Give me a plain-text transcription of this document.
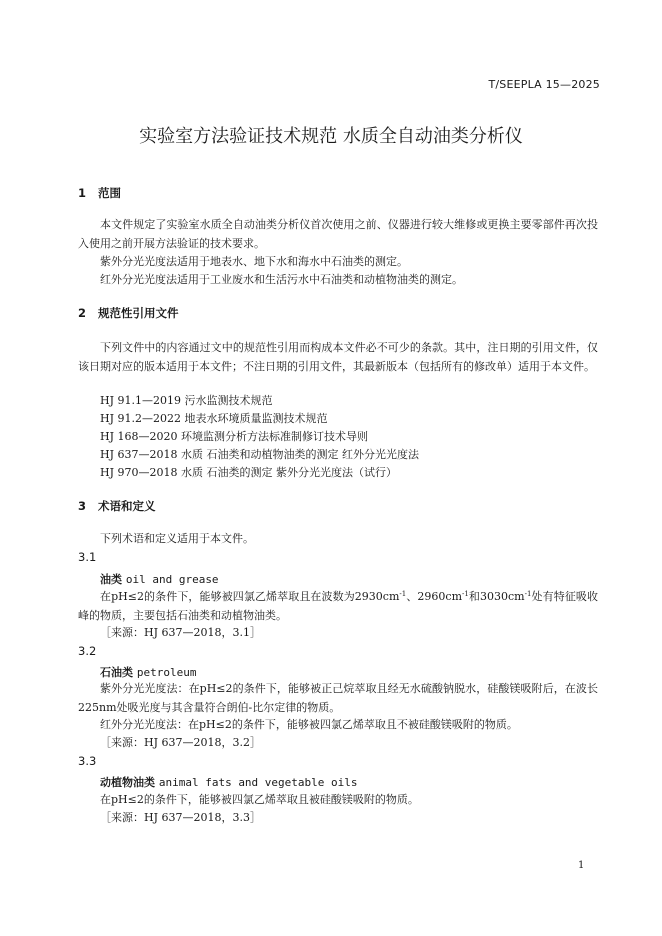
T/SEEPLA 15—2025
实验室方法验证技术规范 水质全自动油类分析仪
1 范围
本文件规定了实验室水质全自动油类分析仪首次使用之前、仪器进行较大维修或更换主要零部件再次投入使用之前开展方法验证的技术要求。
紫外分光光度法适用于地表水、地下水和海水中石油类的测定。
红外分光光度法适用于工业废水和生活污水中石油类和动植物油类的测定。
2 规范性引用文件
下列文件中的内容通过文中的规范性引用而构成本文件必不可少的条款。其中，注日期的引用文件，仅该日期对应的版本适用于本文件；不注日期的引用文件，其最新版本（包括所有的修改单）适用于本文件。
HJ 91.1—2019 污水监测技术规范
HJ 91.2—2022 地表水环境质量监测技术规范
HJ 168—2020 环境监测分析方法标准制修订技术导则
HJ 637—2018 水质 石油类和动植物油类的测定 红外分光光度法
HJ 970—2018 水质 石油类的测定 紫外分光光度法（试行）
3 术语和定义
下列术语和定义适用于本文件。
3.1
油类 oil and grease
在pH≤2的条件下，能够被四氯乙烯萃取且在波数为$2930cm^{-1}$、$2960cm^{-1}$和$3030cm^{-1}$处有特征吸收峰的物质，主要包括石油类和动植物油类。
［来源：HJ 637—2018，3.1］
3.2
石油类 petroleum
紫外分光光度法：在pH≤2的条件下，能够被正己烷萃取且经无水硫酸钠脱水，硅酸镁吸附后，在波长225nm处吸光度与其含量符合朗伯-比尔定律的物质。
红外分光光度法：在pH≤2的条件下，能够被四氯乙烯萃取且不被硅酸镁吸附的物质。
［来源：HJ 637—2018，3.2］
3.3
动植物油类 animal fats and vegetable oils
在pH≤2的条件下，能够被四氯乙烯萃取且被硅酸镁吸附的物质。
［来源：HJ 637—2018，3.3］
1
